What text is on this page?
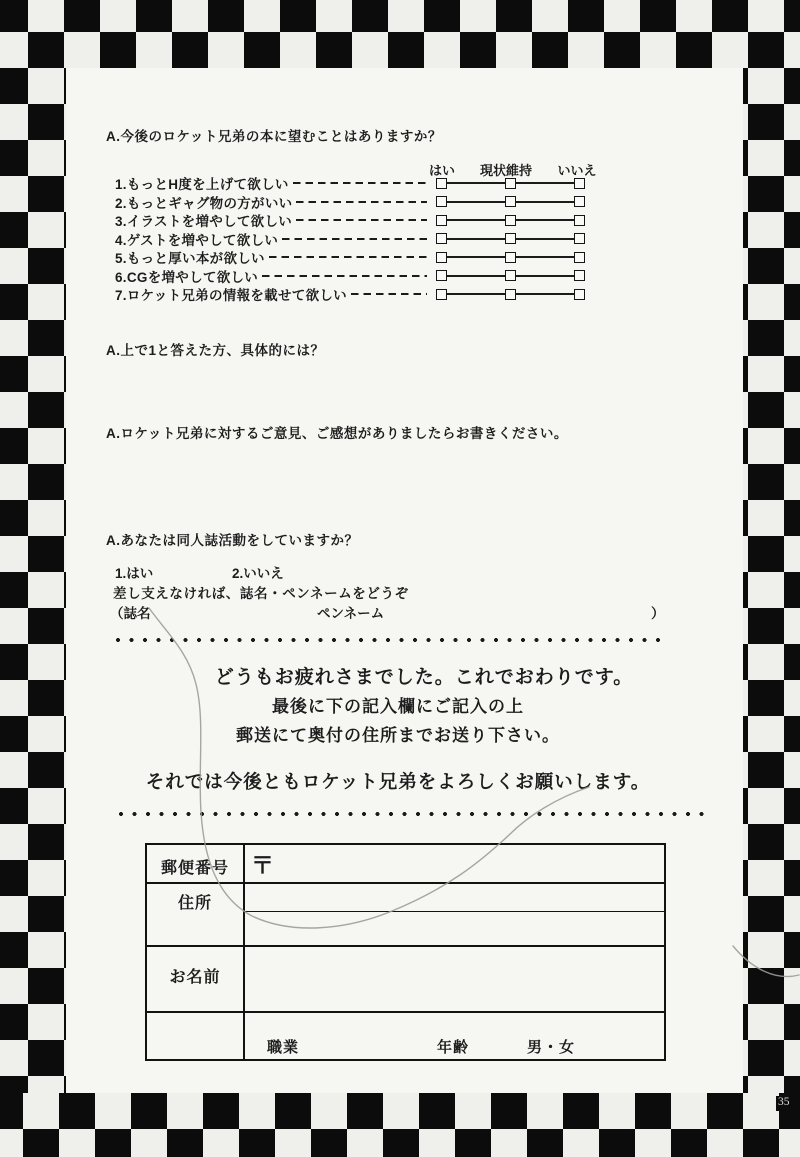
A.今後のロケット兄弟の本に望むことはありますか？
はい 現状維持 いいえ
1.もっとH度を上げて欲しい
2.もっとギャグ物の方がいい
3.イラストを増やして欲しい
4.ゲストを増やして欲しい
5.もっと厚い本が欲しい
6.CGを増やして欲しい
7.ロケット兄弟の情報を載せて欲しい
A.上で1と答えた方、具体的には？
A.ロケット兄弟に対するご意見、ご感想がありましたらお書きください。
A.あなたは同人誌活動をしていますか？
1.はい	2.いいえ
差し支えなければ、誌名・ペンネームをどうぞ
（誌名	ペンネーム	）
どうもお疲れさまでした。これでおわりです。
最後に下の記入欄にご記入の上
郵送にて奥付の住所までお送り下さい。
それでは今後ともロケット兄弟をよろしくお願いします。
郵便番号 〒
住所
お名前
職業	年齢	男・女
35
